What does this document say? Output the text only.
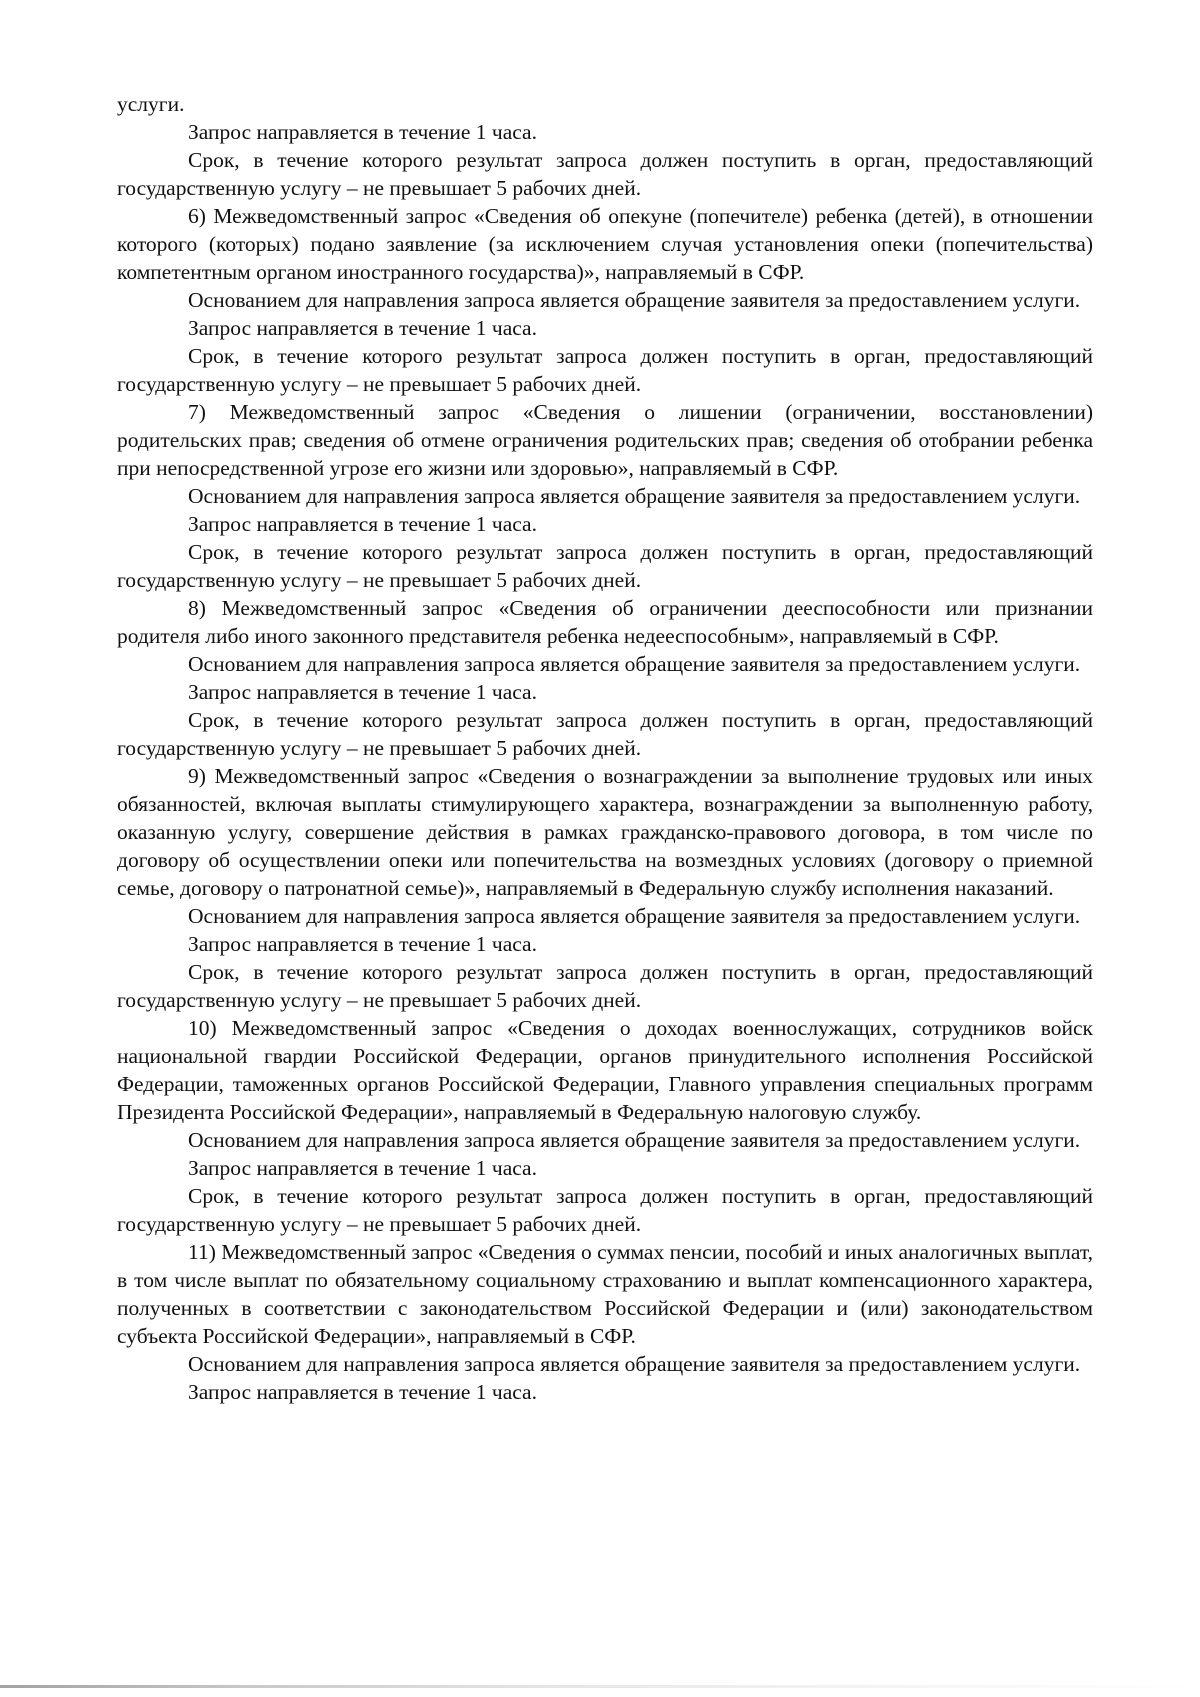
услуги.

Запрос направляется в течение 1 часа.

Срок, в течение которого результат запроса должен поступить в орган, предоставляющий государственную услугу – не превышает 5 рабочих дней.

6) Межведомственный запрос «Сведения об опекуне (попечителе) ребенка (детей), в отношении которого (которых) подано заявление (за исключением случая установления опеки (попечительства) компетентным органом иностранного государства)», направляемый в СФР.

Основанием для направления запроса является обращение заявителя за предоставлением услуги.

Запрос направляется в течение 1 часа.

Срок, в течение которого результат запроса должен поступить в орган, предоставляющий государственную услугу – не превышает 5 рабочих дней.

7) Межведомственный запрос «Сведения о лишении (ограничении, восстановлении) родительских прав; сведения об отмене ограничения родительских прав; сведения об отобрании ребенка при непосредственной угрозе его жизни или здоровью», направляемый в СФР.

Основанием для направления запроса является обращение заявителя за предоставлением услуги.

Запрос направляется в течение 1 часа.

Срок, в течение которого результат запроса должен поступить в орган, предоставляющий государственную услугу – не превышает 5 рабочих дней.

8) Межведомственный запрос «Сведения об ограничении дееспособности или признании родителя либо иного законного представителя ребенка недееспособным», направляемый в СФР.

Основанием для направления запроса является обращение заявителя за предоставлением услуги.

Запрос направляется в течение 1 часа.

Срок, в течение которого результат запроса должен поступить в орган, предоставляющий государственную услугу – не превышает 5 рабочих дней.

9) Межведомственный запрос «Сведения о вознаграждении за выполнение трудовых или иных обязанностей, включая выплаты стимулирующего характера, вознаграждении за выполненную работу, оказанную услугу, совершение действия в рамках гражданско-правового договора, в том числе по договору об осуществлении опеки или попечительства на возмездных условиях (договору о приемной семье, договору о патронатной семье)», направляемый в Федеральную службу исполнения наказаний.

Основанием для направления запроса является обращение заявителя за предоставлением услуги.

Запрос направляется в течение 1 часа.

Срок, в течение которого результат запроса должен поступить в орган, предоставляющий государственную услугу – не превышает 5 рабочих дней.

10) Межведомственный запрос «Сведения о доходах военнослужащих, сотрудников войск национальной гвардии Российской Федерации, органов принудительного исполнения Российской Федерации, таможенных органов Российской Федерации, Главного управления специальных программ Президента Российской Федерации», направляемый в Федеральную налоговую службу.

Основанием для направления запроса является обращение заявителя за предоставлением услуги.

Запрос направляется в течение 1 часа.

Срок, в течение которого результат запроса должен поступить в орган, предоставляющий государственную услугу – не превышает 5 рабочих дней.

11) Межведомственный запрос «Сведения о суммах пенсии, пособий и иных аналогичных выплат, в том числе выплат по обязательному социальному страхованию и выплат компенсационного характера, полученных в соответствии с законодательством Российской Федерации и (или) законодательством субъекта Российской Федерации», направляемый в СФР.

Основанием для направления запроса является обращение заявителя за предоставлением услуги.

Запрос направляется в течение 1 часа.
